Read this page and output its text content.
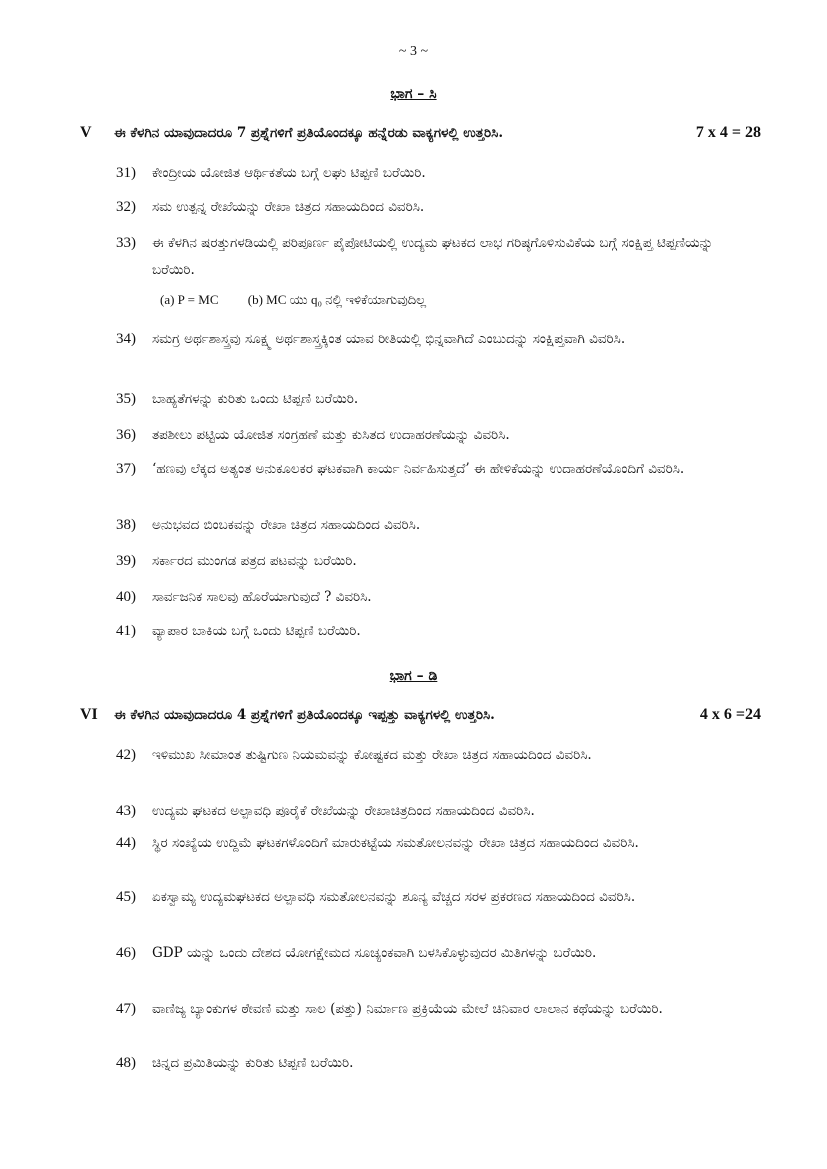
~ 3 ~
ಭಾಗ – ಸಿ
V ಈ ಕೆಳಗಿನ ಯಾವುದಾದರೂ 7 ಪ್ರಶ್ನೆಗಳಿಗೆ ಪ್ರತಿಯೊಂದಕ್ಕೂ ಹನ್ನೆರಡು ವಾಕ್ಯಗಳಲ್ಲಿ ಉತ್ತರಿಸಿ.	7 x 4 = 28
31) ಕೇಂದ್ರೀಯ ಯೋಜಿತ ಆರ್ಥಿಕತೆಯ ಬಗ್ಗೆ ಲಘು ಟಿಪ್ಪಣಿ ಬರೆಯಿರಿ.
32) ಸಮ ಉತ್ಪನ್ನ ರೇಖೆಯನ್ನು ರೇಖಾ ಚಿತ್ರದ ಸಹಾಯದಿಂದ ವಿವರಿಸಿ.
33) ಈ ಕೆಳಗಿನ ಷರತ್ತುಗಳಡಿಯಲ್ಲಿ ಪರಿಪೂರ್ಣ ಪೈಪೋಟಿಯಲ್ಲಿ ಉದ್ಯಮ ಘಟಕದ ಲಾಭ ಗರಿಷ್ಠಗೊಳಿಸುವಿಕೆಯ ಬಗ್ಗೆ ಸಂಕ್ಷಿಪ್ತ ಟಿಪ್ಪಣಿಯನ್ನು ಬರೆಯಿರಿ.
(a) P = MC (b) MC ಯು q₀ ನಲ್ಲಿ ಇಳಿಕೆಯಾಗುವುದಿಲ್ಲ
34) ಸಮಗ್ರ ಅರ್ಥಶಾಸ್ತ್ರವು ಸೂಕ್ಷ್ಮ ಅರ್ಥಶಾಸ್ತ್ರಕ್ಕಿಂತ ಯಾವ ರೀತಿಯಲ್ಲಿ ಭಿನ್ನವಾಗಿದೆ ಎಂಬುದನ್ನು ಸಂಕ್ಷಿಪ್ತವಾಗಿ ವಿವರಿಸಿ.
35) ಬಾಹ್ಯತೆಗಳನ್ನು ಕುರಿತು ಒಂದು ಟಿಪ್ಪಣಿ ಬರೆಯಿರಿ.
36) ತಪಶೀಲು ಪಟ್ಟಿಯ ಯೋಜಿತ ಸಂಗ್ರಹಣೆ ಮತ್ತು ಕುಸಿತದ ಉದಾಹರಣೆಯನ್ನು ವಿವರಿಸಿ.
37) ‘ಹಣವು ಲೆಕ್ಕದ ಅತ್ಯಂತ ಅನುಕೂಲಕರ ಘಟಕವಾಗಿ ಕಾರ್ಯ ನಿರ್ವಹಿಸುತ್ತದೆ’ ಈ ಹೇಳಿಕೆಯನ್ನು ಉದಾಹರಣೆಯೊಂದಿಗೆ ವಿವರಿಸಿ.
38) ಅನುಭವದ ಬಿಂಬಕವನ್ನು ರೇಖಾ ಚಿತ್ರದ ಸಹಾಯದಿಂದ ವಿವರಿಸಿ.
39) ಸರ್ಕಾರದ ಮುಂಗಡ ಪತ್ರದ ಪಟವನ್ನು ಬರೆಯಿರಿ.
40) ಸಾರ್ವಜನಿಕ ಸಾಲವು ಹೊರೆಯಾಗುವುದೆ ? ವಿವರಿಸಿ.
41) ವ್ಯಾಪಾರ ಬಾಕಿಯ ಬಗ್ಗೆ ಒಂದು ಟಿಪ್ಪಣಿ ಬರೆಯಿರಿ.
ಭಾಗ – ಡಿ
VI ಈ ಕೆಳಗಿನ ಯಾವುದಾದರೂ 4 ಪ್ರಶ್ನೆಗಳಿಗೆ ಪ್ರತಿಯೊಂದಕ್ಕೂ ಇಪ್ಪತ್ತು ವಾಕ್ಯಗಳಲ್ಲಿ ಉತ್ತರಿಸಿ.	4 x 6 =24
42) ಇಳಿಮುಖ ಸೀಮಾಂತ ತುಷ್ಟಿಗುಣ ನಿಯಮವನ್ನು ಕೋಷ್ಟಕದ ಮತ್ತು ರೇಖಾ ಚಿತ್ರದ ಸಹಾಯದಿಂದ ವಿವರಿಸಿ.
43) ಉದ್ಯಮ ಘಟಕದ ಅಲ್ಪಾವಧಿ ಪೂರೈಕೆ ರೇಖೆಯನ್ನು ರೇಖಾಚಿತ್ರದಿಂದ ಸಹಾಯದಿಂದ ವಿವರಿಸಿ.
44) ಸ್ಥಿರ ಸಂಖ್ಯೆಯ ಉದ್ದಿಮೆ ಘಟಕಗಳೊಂದಿಗೆ ಮಾರುಕಟ್ಟೆಯ ಸಮತೋಲನವನ್ನು ರೇಖಾ ಚಿತ್ರದ ಸಹಾಯದಿಂದ ವಿವರಿಸಿ.
45) ಏಕಸ್ವಾಮ್ಯ ಉದ್ಯಮಘಟಕದ ಅಲ್ಪಾವಧಿ ಸಮತೋಲನವನ್ನು ಶೂನ್ಯ ವೆಚ್ಚದ ಸರಳ ಪ್ರಕರಣದ ಸಹಾಯದಿಂದ ವಿವರಿಸಿ.
46) GDP ಯನ್ನು ಒಂದು ದೇಶದ ಯೋಗಕ್ಷೇಮದ ಸೂಚ್ಯಂಕವಾಗಿ ಬಳಸಿಕೊಳ್ಳುವುದರ ಮಿತಿಗಳನ್ನು ಬರೆಯಿರಿ.
47) ವಾಣಿಜ್ಯ ಬ್ಯಾಂಕುಗಳ ಠೇವಣಿ ಮತ್ತು ಸಾಲ (ಪತ್ತು) ನಿರ್ಮಾಣ ಪ್ರಕ್ರಿಯೆಯ ಮೇಲೆ ಚಿನಿವಾರ ಲಾಲಾನ ಕಥೆಯನ್ನು ಬರೆಯಿರಿ.
48) ಚಿನ್ನದ ಪ್ರಮಿತಿಯನ್ನು ಕುರಿತು ಟಿಪ್ಪಣಿ ಬರೆಯಿರಿ.
